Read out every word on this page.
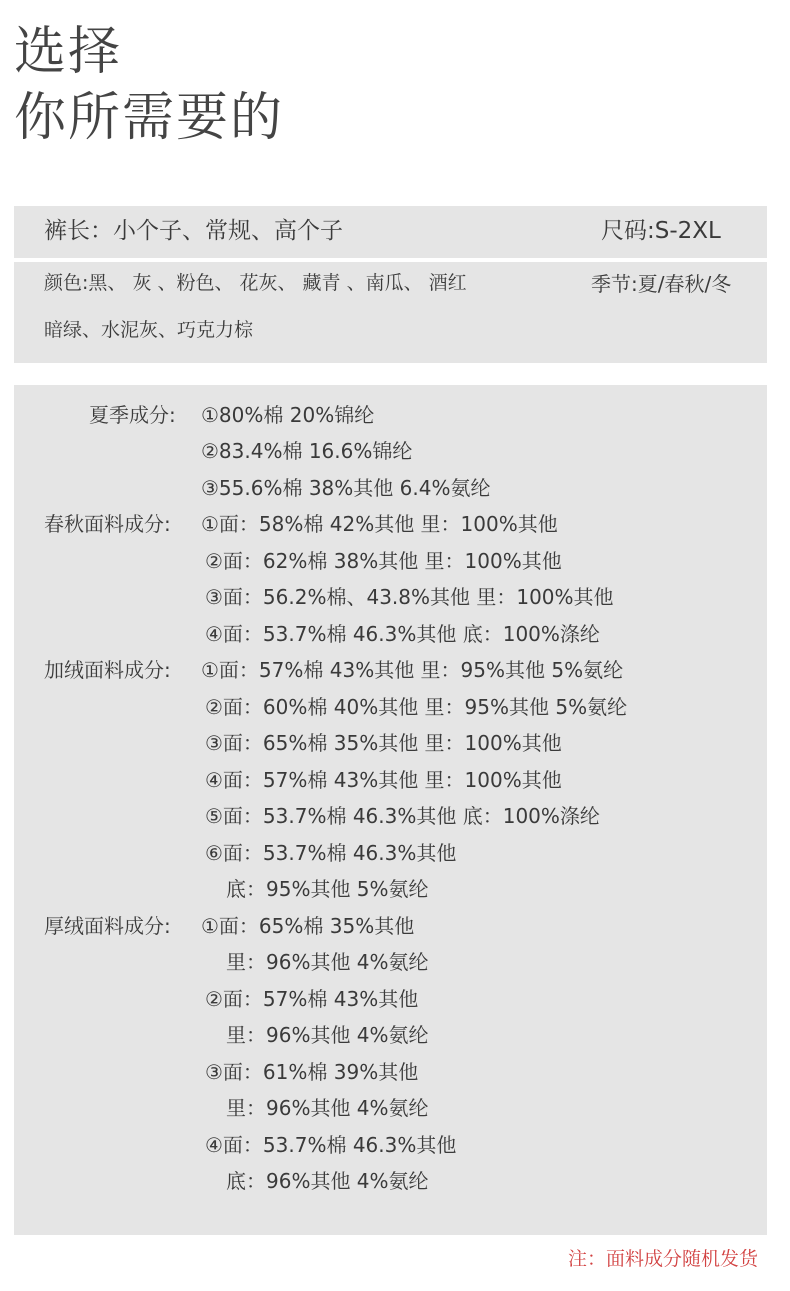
选择
你所需要的
裤长：小个子、常规、高个子	尺码:S-2XL
颜色:黑、 灰 、粉色、 花灰、 藏青 、南瓜、 酒红	季节:夏/春秋/冬
暗绿、水泥灰、巧克力棕
夏季成分: ①80%棉 20%锦纶
②83.4%棉 16.6%锦纶
③55.6%棉 38%其他 6.4%氨纶
春秋面料成分: ①面：58%棉 42%其他 里：100%其他
②面：62%棉 38%其他 里：100%其他
③面：56.2%棉、43.8%其他 里：100%其他
④面：53.7%棉 46.3%其他 底：100%涤纶
加绒面料成分: ①面：57%棉 43%其他 里：95%其他 5%氨纶
②面：60%棉 40%其他 里：95%其他 5%氨纶
③面：65%棉 35%其他 里：100%其他
④面：57%棉 43%其他 里：100%其他
⑤面：53.7%棉 46.3%其他 底：100%涤纶
⑥面：53.7%棉 46.3%其他
底：95%其他 5%氨纶
厚绒面料成分: ①面：65%棉 35%其他
里：96%其他 4%氨纶
②面：57%棉 43%其他
里：96%其他 4%氨纶
③面：61%棉 39%其他
里：96%其他 4%氨纶
④面：53.7%棉 46.3%其他
底：96%其他 4%氨纶
注：面料成分随机发货
